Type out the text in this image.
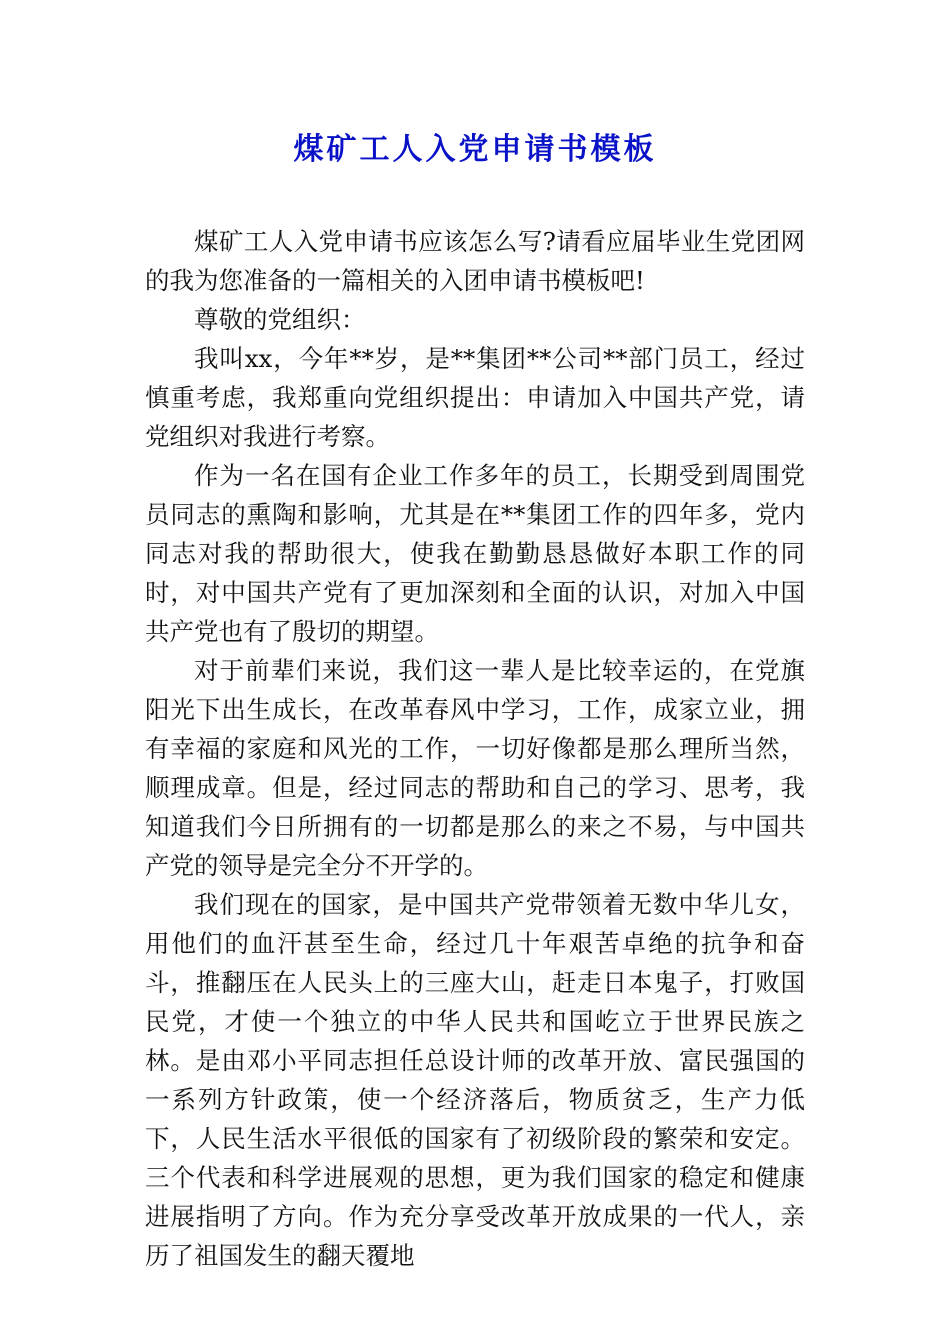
煤矿工人入党申请书模板

煤矿工人入党申请书应该怎么写?请看应届毕业生党团网的我为您准备的一篇相关的入团申请书模板吧!

尊敬的党组织：

我叫xx，今年**岁，是**集团**公司**部门员工，经过慎重考虑，我郑重向党组织提出：申请加入中国共产党，请党组织对我进行考察。

作为一名在国有企业工作多年的员工，长期受到周围党员同志的熏陶和影响，尤其是在**集团工作的四年多，党内同志对我的帮助很大，使我在勤勤恳恳做好本职工作的同时，对中国共产党有了更加深刻和全面的认识，对加入中国共产党也有了殷切的期望。

对于前辈们来说，我们这一辈人是比较幸运的，在党旗阳光下出生成长，在改革春风中学习，工作，成家立业，拥有幸福的家庭和风光的工作，一切好像都是那么理所当然，顺理成章。但是，经过同志的帮助和自己的学习、思考，我知道我们今日所拥有的一切都是那么的来之不易，与中国共产党的领导是完全分不开学的。

我们现在的国家，是中国共产党带领着无数中华儿女，用他们的血汗甚至生命，经过几十年艰苦卓绝的抗争和奋斗，推翻压在人民头上的三座大山，赶走日本鬼子，打败国民党，才使一个独立的中华人民共和国屹立于世界民族之林。是由邓小平同志担任总设计师的改革开放、富民强国的一系列方针政策，使一个经济落后，物质贫乏，生产力低下，人民生活水平很低的国家有了初级阶段的繁荣和安定。三个代表和科学进展观的思想，更为我们国家的稳定和健康进展指明了方向。作为充分享受改革开放成果的一代人，亲历了祖国发生的翻天覆地
